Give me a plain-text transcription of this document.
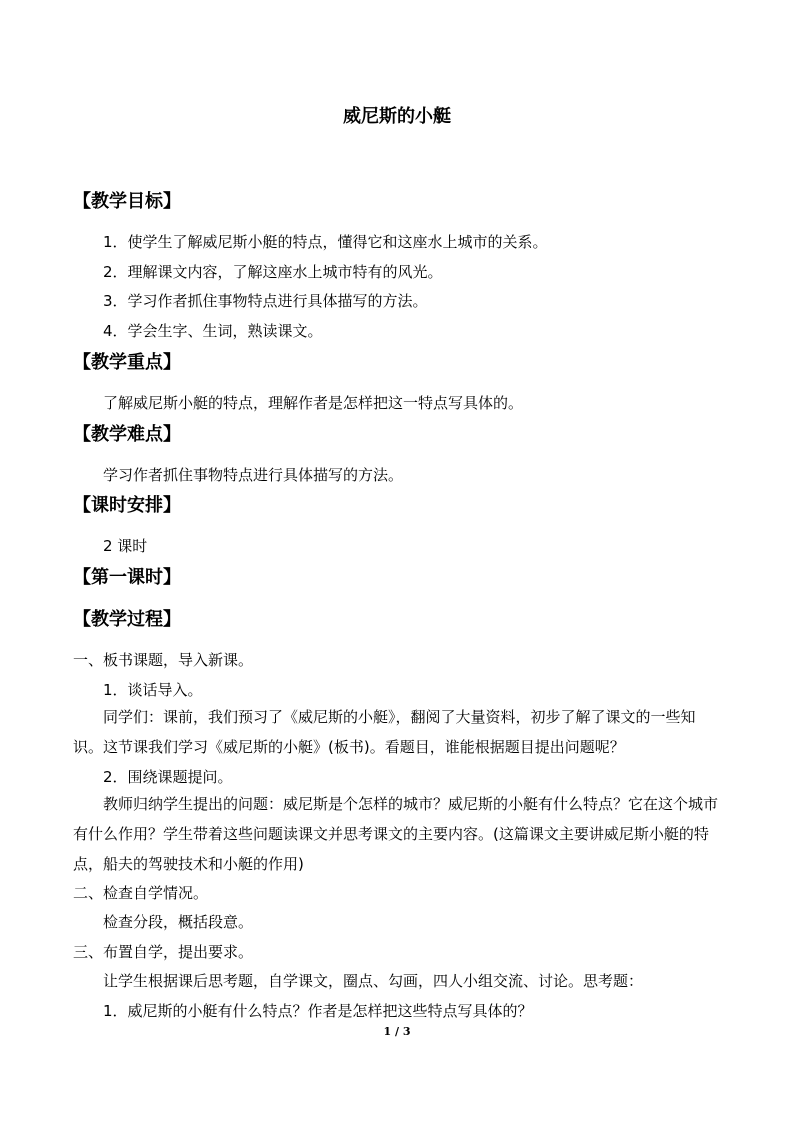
威尼斯的小艇
【教学目标】
1．使学生了解威尼斯小艇的特点，懂得它和这座水上城市的关系。
2．理解课文内容，了解这座水上城市特有的风光。
3．学习作者抓住事物特点进行具体描写的方法。
4．学会生字、生词，熟读课文。
【教学重点】
了解威尼斯小艇的特点，理解作者是怎样把这一特点写具体的。
【教学难点】
学习作者抓住事物特点进行具体描写的方法。
【课时安排】
2 课时
【第一课时】
【教学过程】
一、板书课题，导入新课。
1．谈话导入。
同学们：课前，我们预习了《威尼斯的小艇》，翻阅了大量资料，初步了解了课文的一些知识。这节课我们学习《威尼斯的小艇》(板书)。看题目，谁能根据题目提出问题呢？
2．围绕课题提问。
教师归纳学生提出的问题：威尼斯是个怎样的城市？威尼斯的小艇有什么特点？它在这个城市有什么作用？学生带着这些问题读课文并思考课文的主要内容。(这篇课文主要讲威尼斯小艇的特点，船夫的驾驶技术和小艇的作用)
二、检查自学情况。
检查分段，概括段意。
三、布置自学，提出要求。
让学生根据课后思考题，自学课文，圈点、勾画，四人小组交流、讨论。思考题：
1．威尼斯的小艇有什么特点？作者是怎样把这些特点写具体的？
1 / 3
